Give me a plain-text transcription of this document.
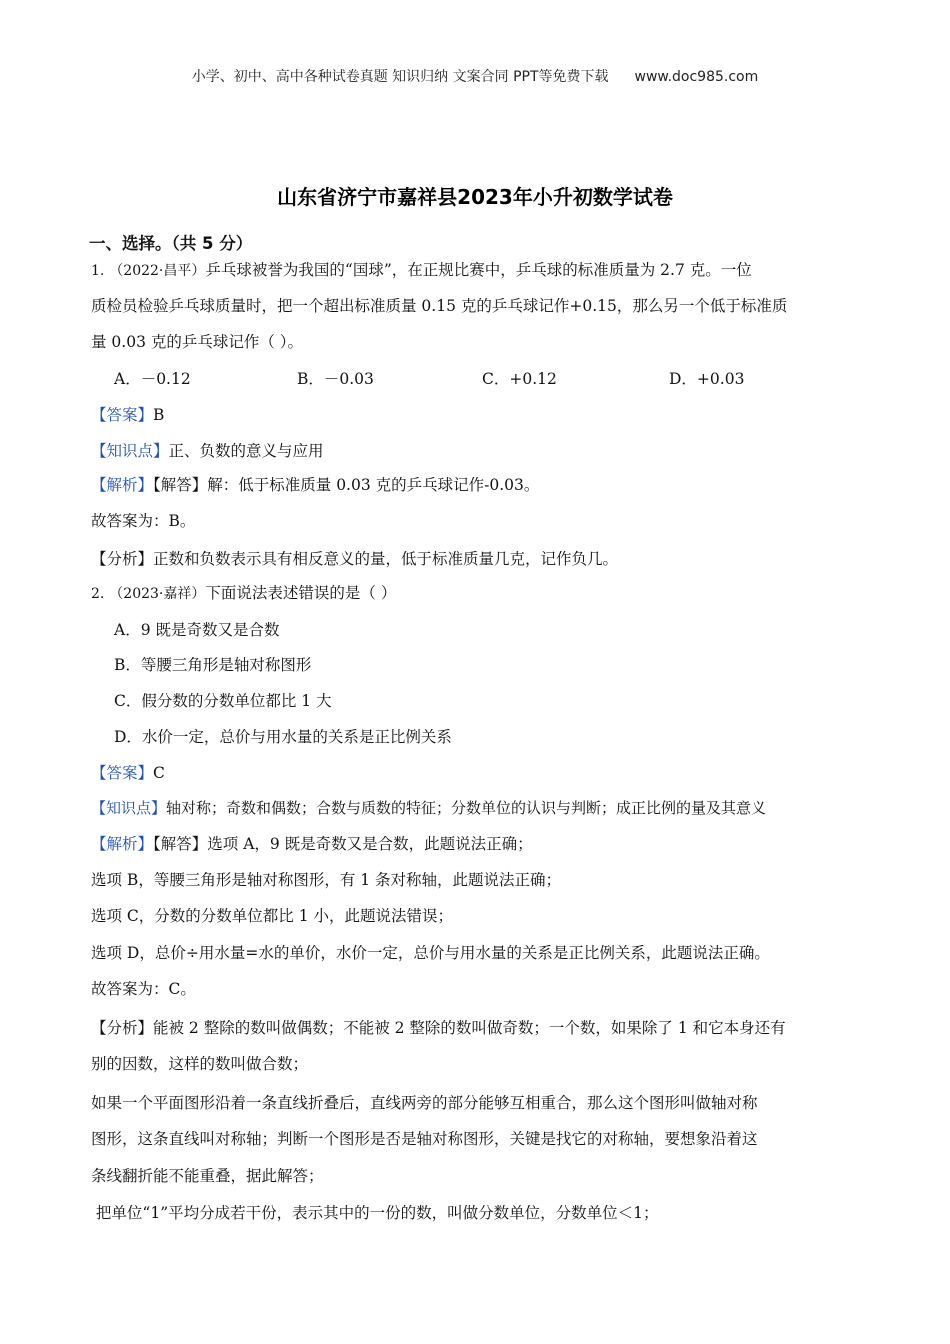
小学、初中、高中各种试卷真题 知识归纳 文案合同 PPT等免费下载 www.doc985.com
山东省济宁市嘉祥县2023年小升初数学试卷
一、选择。（共 5 分）
1. （2022·昌平）乒乓球被誉为我国的“国球”，在正规比赛中，乒乓球的标准质量为 2.7 克。一位
质检员检验乒乓球质量时，把一个超出标准质量 0.15 克的乒乓球记作+0.15，那么另一个低于标准质
量 0.03 克的乒乓球记作（ ）。
A．－0.12	B．－0.03	C．+0.12	D．+0.03
【答案】B
【知识点】正、负数的意义与应用
【解析】【解答】解：低于标准质量 0.03 克的乒乓球记作-0.03。
故答案为：B。
【分析】正数和负数表示具有相反意义的量，低于标准质量几克，记作负几。
2. （2023·嘉祥）下面说法表述错误的是（ ）
A．9 既是奇数又是合数
B．等腰三角形是轴对称图形
C．假分数的分数单位都比 1 大
D．水价一定，总价与用水量的关系是正比例关系
【答案】C
【知识点】轴对称；奇数和偶数；合数与质数的特征；分数单位的认识与判断；成正比例的量及其意义
【解析】【解答】选项 A，9 既是奇数又是合数，此题说法正确；
选项 B，等腰三角形是轴对称图形，有 1 条对称轴，此题说法正确；
选项 C，分数的分数单位都比 1 小，此题说法错误；
选项 D，总价÷用水量=水的单价，水价一定，总价与用水量的关系是正比例关系，此题说法正确。
故答案为：C。
【分析】能被 2 整除的数叫做偶数；不能被 2 整除的数叫做奇数；一个数，如果除了 1 和它本身还有
别的因数，这样的数叫做合数；
如果一个平面图形沿着一条直线折叠后，直线两旁的部分能够互相重合，那么这个图形叫做轴对称
图形，这条直线叫对称轴；判断一个图形是否是轴对称图形，关键是找它的对称轴，要想象沿着这
条线翻折能不能重叠，据此解答；
把单位“1”平均分成若干份，表示其中的一份的数，叫做分数单位，分数单位＜1；
